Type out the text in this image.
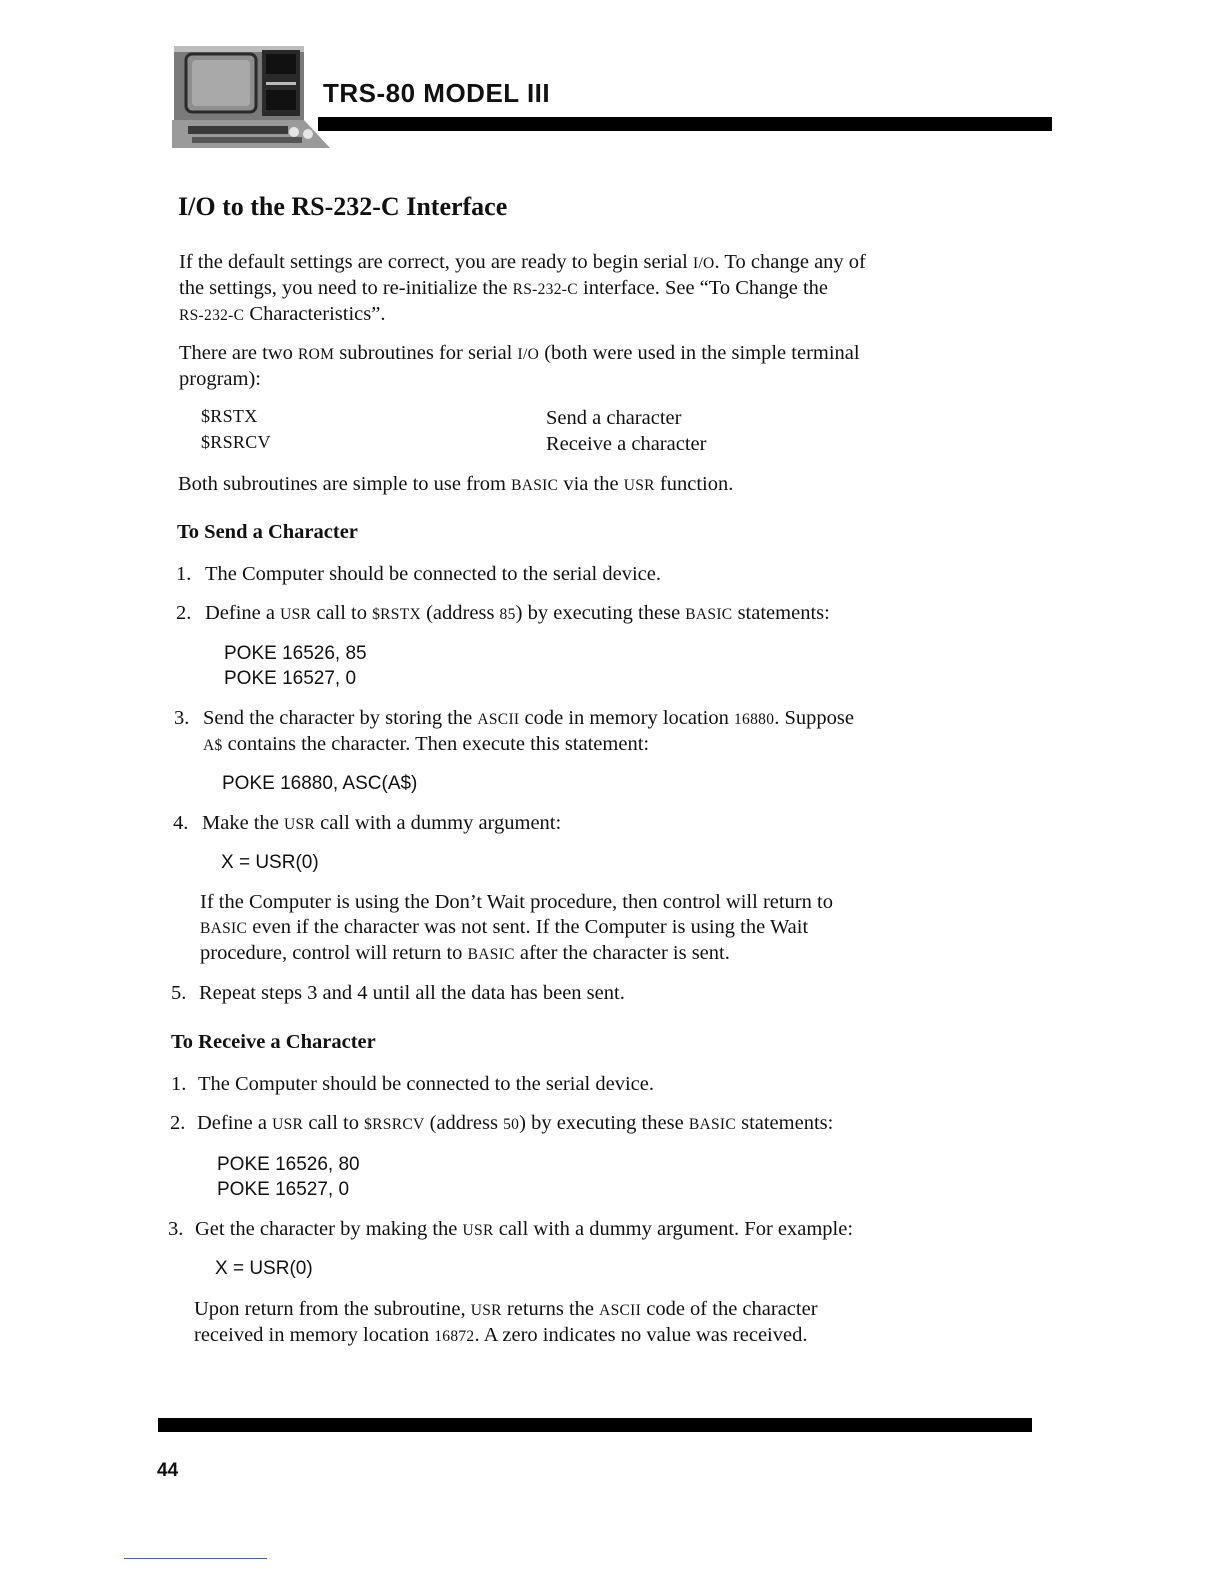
TRS-80 MODEL III
I/O to the RS-232-C Interface

If the default settings are correct, you are ready to begin serial I/O. To change any of
the settings, you need to re-initialize the RS-232-C interface. See “To Change the
RS-232-C Characteristics”.

There are two ROM subroutines for serial I/O (both were used in the simple terminal
program):

$RSTX	Send a character
$RSRCV	Receive a character

Both subroutines are simple to use from BASIC via the USR function.

To Send a Character
1. The Computer should be connected to the serial device.
2. Define a USR call to $RSTX (address 85) by executing these BASIC statements:
POKE 16526, 85
POKE 16527, 0
3. Send the character by storing the ASCII code in memory location 16880. Suppose
A$ contains the character. Then execute this statement:
POKE 16880, ASC(A$)
4. Make the USR call with a dummy argument:
X = USR(0)

If the Computer is using the Don’t Wait procedure, then control will return to
BASIC even if the character was not sent. If the Computer is using the Wait
procedure, control will return to BASIC after the character is sent.

5. Repeat steps 3 and 4 until all the data has been sent.
To Receive a Character
1. The Computer should be connected to the serial device.
2. Define a USR call to $RSRCV (address 50) by executing these BASIC statements:
POKE 16526, 80
POKE 16527, 0
3. Get the character by making the USR call with a dummy argument. For example:
X = USR(0)

Upon return from the subroutine, USR returns the ASCII code of the character
received in memory location 16872. A zero indicates no value was received.

44
